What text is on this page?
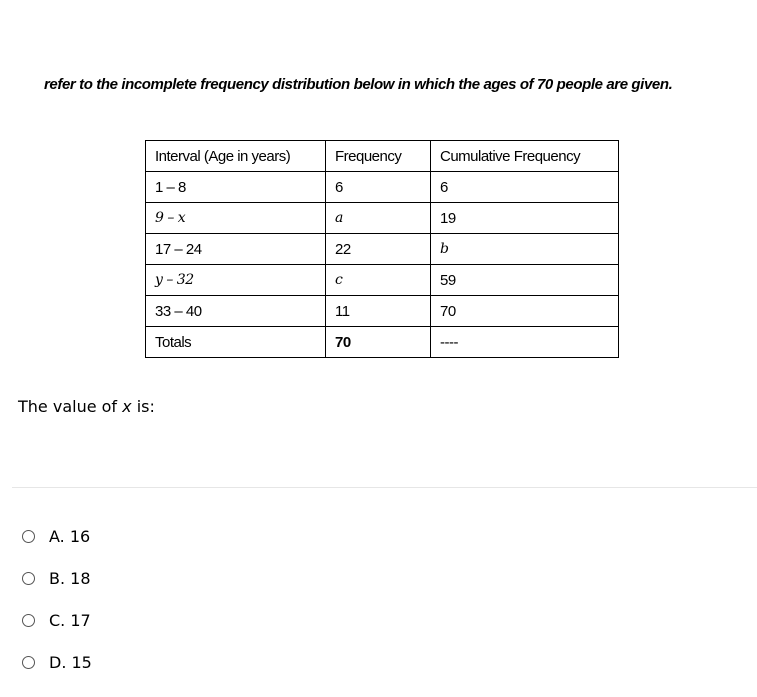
refer to the incomplete frequency distribution below in which the ages of 70 people are given.
Interval (Age in years)	Frequency	Cumulative Frequency
1 – 8	6	6
9 – x	a	19
17 – 24	22	b
y – 32	c	59
33 – 40	11	70
Totals	70	----
The value of x is:
A. 16
B. 18
C. 17
D. 15
